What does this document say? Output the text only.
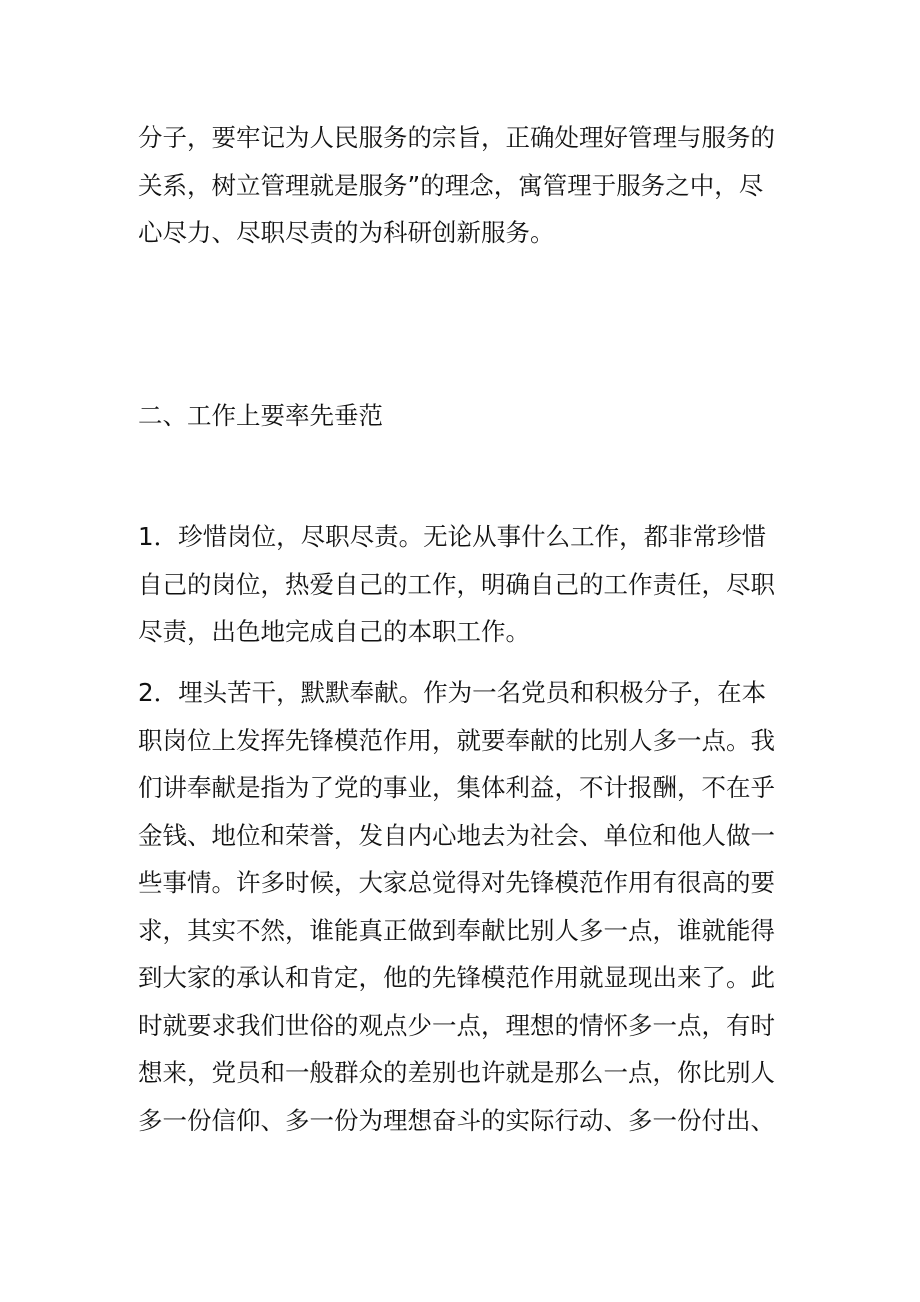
分子，要牢记为人民服务的宗旨，正确处理好管理与服务的
关系，树立管理就是服务”的理念，寓管理于服务之中，尽
心尽力、尽职尽责的为科研创新服务。

二、工作上要率先垂范

1．珍惜岗位，尽职尽责。无论从事什么工作，都非常珍惜
自己的岗位，热爱自己的工作，明确自己的工作责任，尽职
尽责，出色地完成自己的本职工作。

2．埋头苦干，默默奉献。作为一名党员和积极分子，在本
职岗位上发挥先锋模范作用，就要奉献的比别人多一点。我
们讲奉献是指为了党的事业，集体利益，不计报酬，不在乎
金钱、地位和荣誉，发自内心地去为社会、单位和他人做一
些事情。许多时候，大家总觉得对先锋模范作用有很高的要
求，其实不然，谁能真正做到奉献比别人多一点，谁就能得
到大家的承认和肯定，他的先锋模范作用就显现出来了。此
时就要求我们世俗的观点少一点，理想的情怀多一点，有时
想来，党员和一般群众的差别也许就是那么一点，你比别人
多一份信仰、多一份为理想奋斗的实际行动、多一份付出、
